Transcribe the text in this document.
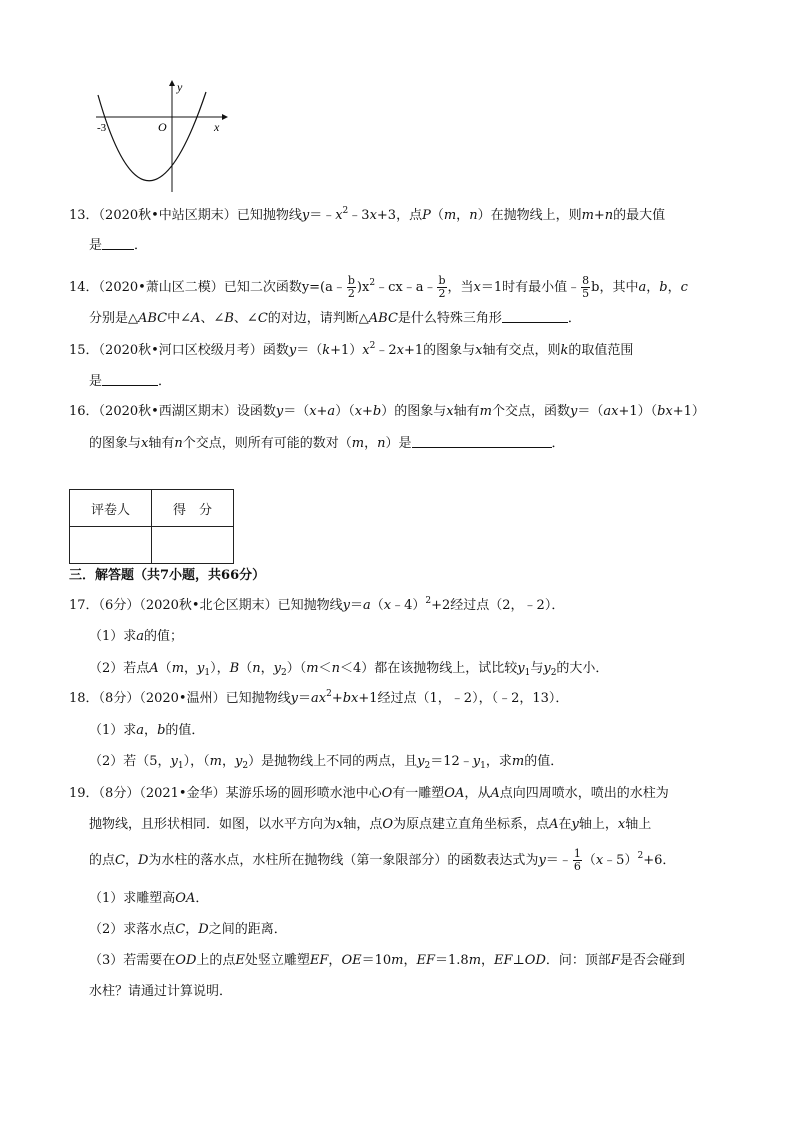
y
x
O
-3
13．（2020秋•中站区期末）已知抛物线$y=﹣x^2﹣3x+3$，点P（m，n）在抛物线上，则m+n的最大值
是 ．
14．（2020•萧山区二模）已知二次函数y=(a﹣ $\frac{b}{2}$ )$x^2﹣cx﹣a﹣ \frac{b}{2}$ ，当x＝1时有最小值﹣ $\frac{8}{5}$ b，其中a，b，c
分别是△ABC中∠A、∠B、∠C的对边，请判断△ABC是什么特殊三角形	．
15．（2020秋•河口区校级月考）函数$y=(k+1)x^2﹣2x+1$的图象与x轴有交点，则k的取值范围
是	．
16．（2020秋•西湖区期末）设函数y＝（x+a）（x+b）的图象与x轴有m个交点，函数y＝（ax+1）（bx+1）
的图象与x轴有n个交点，则所有可能的数对（m，n）是	．
评卷人	得　分

三．解答题（共7小题，共66分）
17．（6分）（2020秋•北仑区期末）已知抛物线y＝a（x﹣4）$^2$+2经过点（2，﹣2）．
（1）求a的值；
（2）若点A（m，$y_1$），B（n，$y_2)(m<n<4)$都在该抛物线上，试比较$y_1$与$y_2$的大小．
18．（8分）（2020•温州）已知抛物线$y=ax^2+bx+1$经过点（1，﹣2），（﹣2，13）．
（1）求a，b的值．
（2）若（5，$y_1$），（m，$y_2$）是抛物线上不同的两点，且$y_2=12﹣y_1$，求m的值．
19．（8分）（2021•金华）某游乐场的圆形喷水池中心O有一雕塑OA，从A点向四周喷水，喷出的水柱为
抛物线，且形状相同．如图，以水平方向为x轴，点O为原点建立直角坐标系，点A在y轴上，x轴上
的点C，D为水柱的落水点，水柱所在抛物线（第一象限部分）的函数表达式为y＝﹣ $\frac{1}{6}$ （x﹣5）$^2$+6．
（1）求雕塑高OA．
（2）求落水点C，D之间的距离．
（3）若需要在OD上的点E处竖立雕塑EF，OE＝10m，EF＝1.8m，EF⊥OD．问：顶部F是否会碰到
水柱？请通过计算说明．
